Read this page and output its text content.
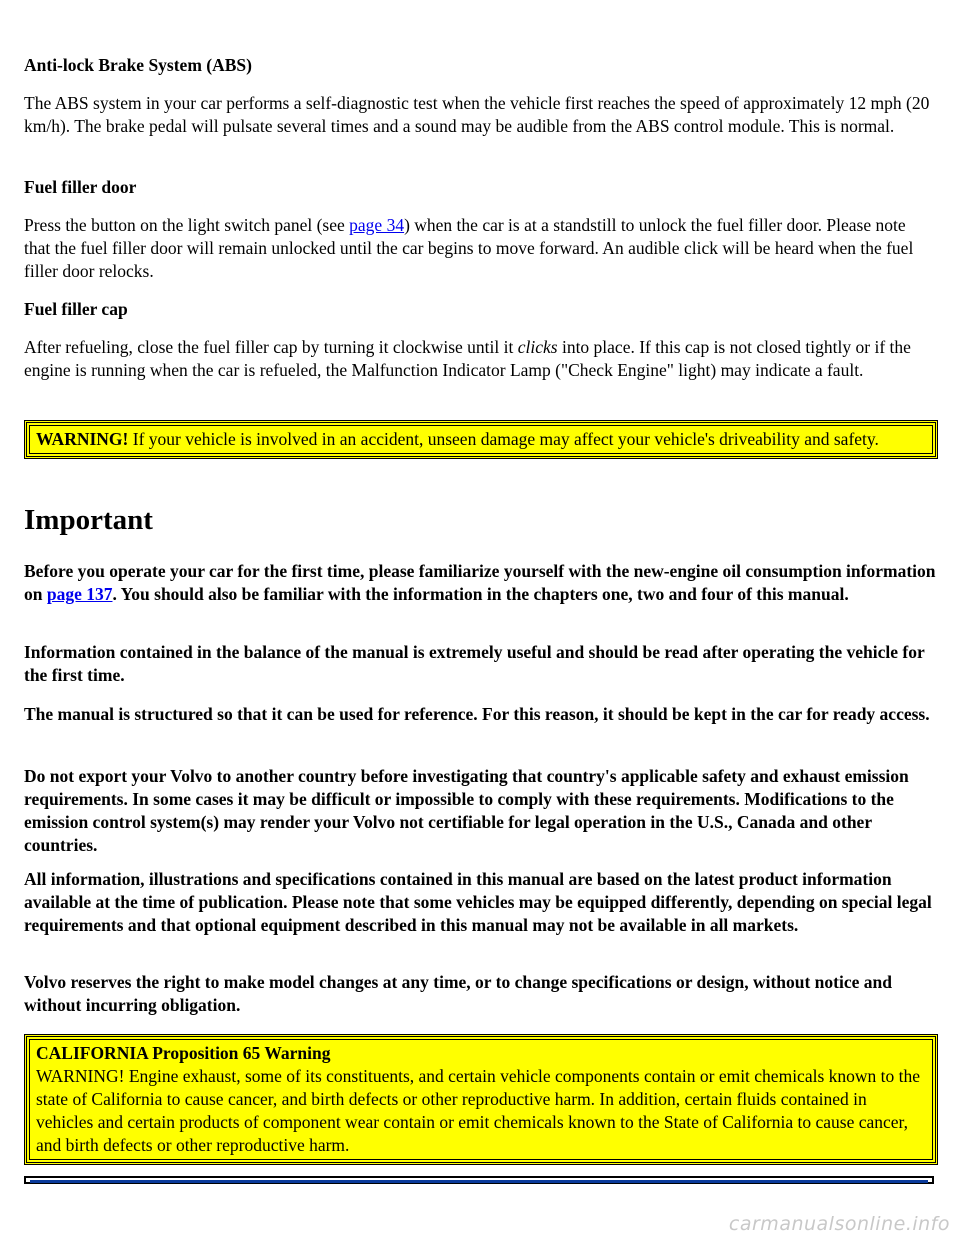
Anti-lock Brake System (ABS)

The ABS system in your car performs a self-diagnostic test when the vehicle first reaches the speed of approximately 12 mph (20 km/h). The brake pedal will pulsate several times and a sound may be audible from the ABS control module. This is normal.

Fuel filler door

Press the button on the light switch panel (see page 34) when the car is at a standstill to unlock the fuel filler door. Please note that the fuel filler door will remain unlocked until the car begins to move forward. An audible click will be heard when the fuel filler door relocks.

Fuel filler cap

After refueling, close the fuel filler cap by turning it clockwise until it clicks into place. If this cap is not closed tightly or if the engine is running when the car is refueled, the Malfunction Indicator Lamp ("Check Engine" light) may indicate a fault.

WARNING! If your vehicle is involved in an accident, unseen damage may affect your vehicle's driveability and safety.
Important

Before you operate your car for the first time, please familiarize yourself with the new-engine oil consumption information on page 137. You should also be familiar with the information in the chapters one, two and four of this manual.

Information contained in the balance of the manual is extremely useful and should be read after operating the vehicle for the first time.

The manual is structured so that it can be used for reference. For this reason, it should be kept in the car for ready access.

Do not export your Volvo to another country before investigating that country's applicable safety and exhaust emission requirements. In some cases it may be difficult or impossible to comply with these requirements. Modifications to the emission control system(s) may render your Volvo not certifiable for legal operation in the U.S., Canada and other countries.

All information, illustrations and specifications contained in this manual are based on the latest product information available at the time of publication. Please note that some vehicles may be equipped differently, depending on special legal requirements and that optional equipment described in this manual may not be available in all markets.

Volvo reserves the right to make model changes at any time, or to change specifications or design, without notice and without incurring obligation.

CALIFORNIA Proposition 65 Warning

WARNING! Engine exhaust, some of its constituents, and certain vehicle components contain or emit chemicals known to the state of California to cause cancer, and birth defects or other reproductive harm. In addition, certain fluids contained in vehicles and certain products of component wear contain or emit chemicals known to the State of California to cause cancer, and birth defects or other reproductive harm.

carmanualsonline.info
